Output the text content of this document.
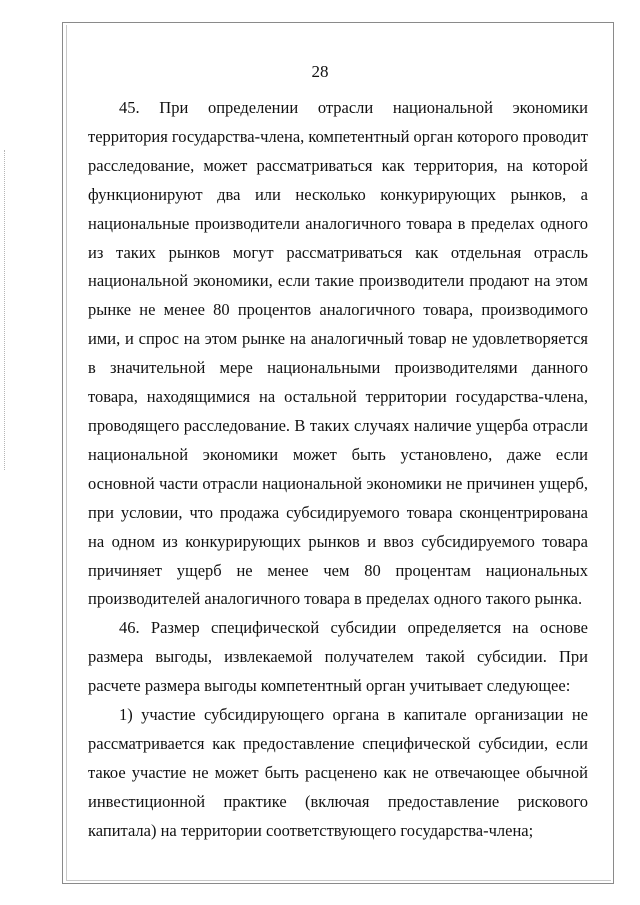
28

45. При определении отрасли национальной экономики территория государства-члена, компетентный орган которого проводит расследование, может рассматриваться как территория, на которой функционируют два или несколько конкурирующих рынков, а национальные производители аналогичного товара в пределах одного из таких рынков могут рассматриваться как отдельная отрасль национальной экономики, если такие производители продают на этом рынке не менее 80 процентов аналогичного товара, производимого ими, и спрос на этом рынке на аналогичный товар не удовлетворяется в значительной мере национальными производителями данного товара, находящимися на остальной территории государства-члена, проводящего расследование. В таких случаях наличие ущерба отрасли национальной экономики может быть установлено, даже если основной части отрасли национальной экономики не причинен ущерб, при условии, что продажа субсидируемого товара сконцентрирована на одном из конкурирующих рынков и ввоз субсидируемого товара причиняет ущерб не менее чем 80 процентам национальных производителей аналогичного товара в пределах одного такого рынка.

46. Размер специфической субсидии определяется на основе размера выгоды, извлекаемой получателем такой субсидии. При расчете размера выгоды компетентный орган учитывает следующее:

1) участие субсидирующего органа в капитале организации не рассматривается как предоставление специфической субсидии, если такое участие не может быть расценено как не отвечающее обычной инвестиционной практике (включая предоставление рискового капитала) на территории соответствующего государства-члена;
